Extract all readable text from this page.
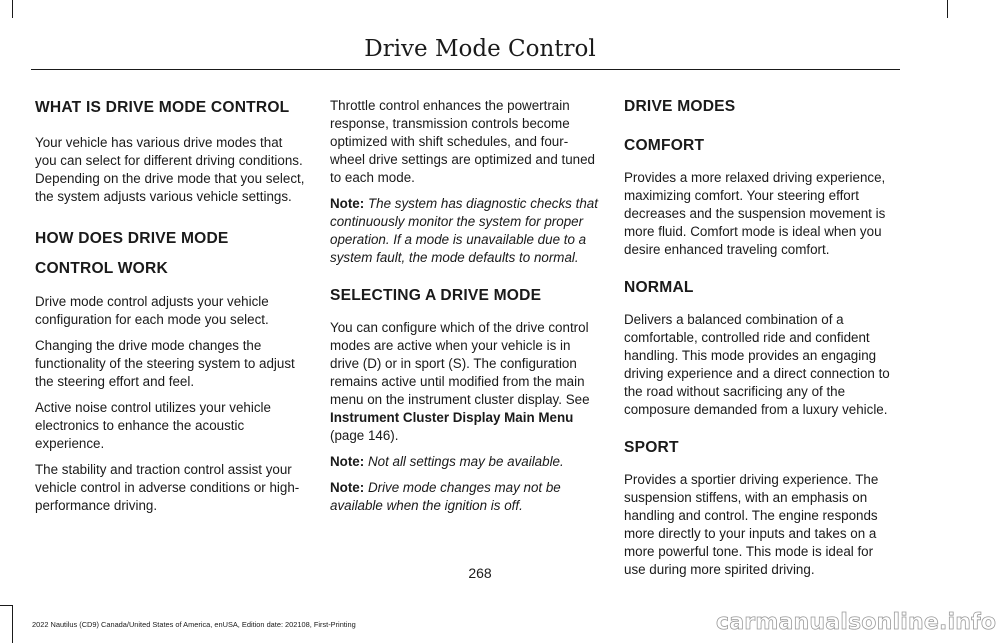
Drive Mode Control
WHAT IS DRIVE MODE CONTROL

Your vehicle has various drive modes that you can select for different driving conditions. Depending on the drive mode that you select, the system adjusts various vehicle settings.

HOW DOES DRIVE MODE
CONTROL WORK

Drive mode control adjusts your vehicle configuration for each mode you select.

Changing the drive mode changes the functionality of the steering system to adjust the steering effort and feel.

Active noise control utilizes your vehicle electronics to enhance the acoustic experience.

The stability and traction control assist your vehicle control in adverse conditions or high-performance driving.

Throttle control enhances the powertrain response, transmission controls become optimized with shift schedules, and four-wheel drive settings are optimized and tuned to each mode.

Note: The system has diagnostic checks that continuously monitor the system for proper operation. If a mode is unavailable due to a system fault, the mode defaults to normal.

SELECTING A DRIVE MODE

You can configure which of the drive control modes are active when your vehicle is in drive (D) or in sport (S). The configuration remains active until modified from the main menu on the instrument cluster display. See Instrument Cluster Display Main Menu (page 146).

Note: Not all settings may be available.

Note: Drive mode changes may not be available when the ignition is off.

DRIVE MODES
COMFORT

Provides a more relaxed driving experience, maximizing comfort. Your steering effort decreases and the suspension movement is more fluid. Comfort mode is ideal when you desire enhanced traveling comfort.

NORMAL

Delivers a balanced combination of a comfortable, controlled ride and confident handling. This mode provides an engaging driving experience and a direct connection to the road without sacrificing any of the composure demanded from a luxury vehicle.

SPORT

Provides a sportier driving experience. The suspension stiffens, with an emphasis on handling and control. The engine responds more directly to your inputs and takes on a more powerful tone. This mode is ideal for use during more spirited driving.

268
2022 Nautilus (CD9) Canada/United States of America, enUSA, Edition date: 202108, First-Printing	carmanualsonline.info
